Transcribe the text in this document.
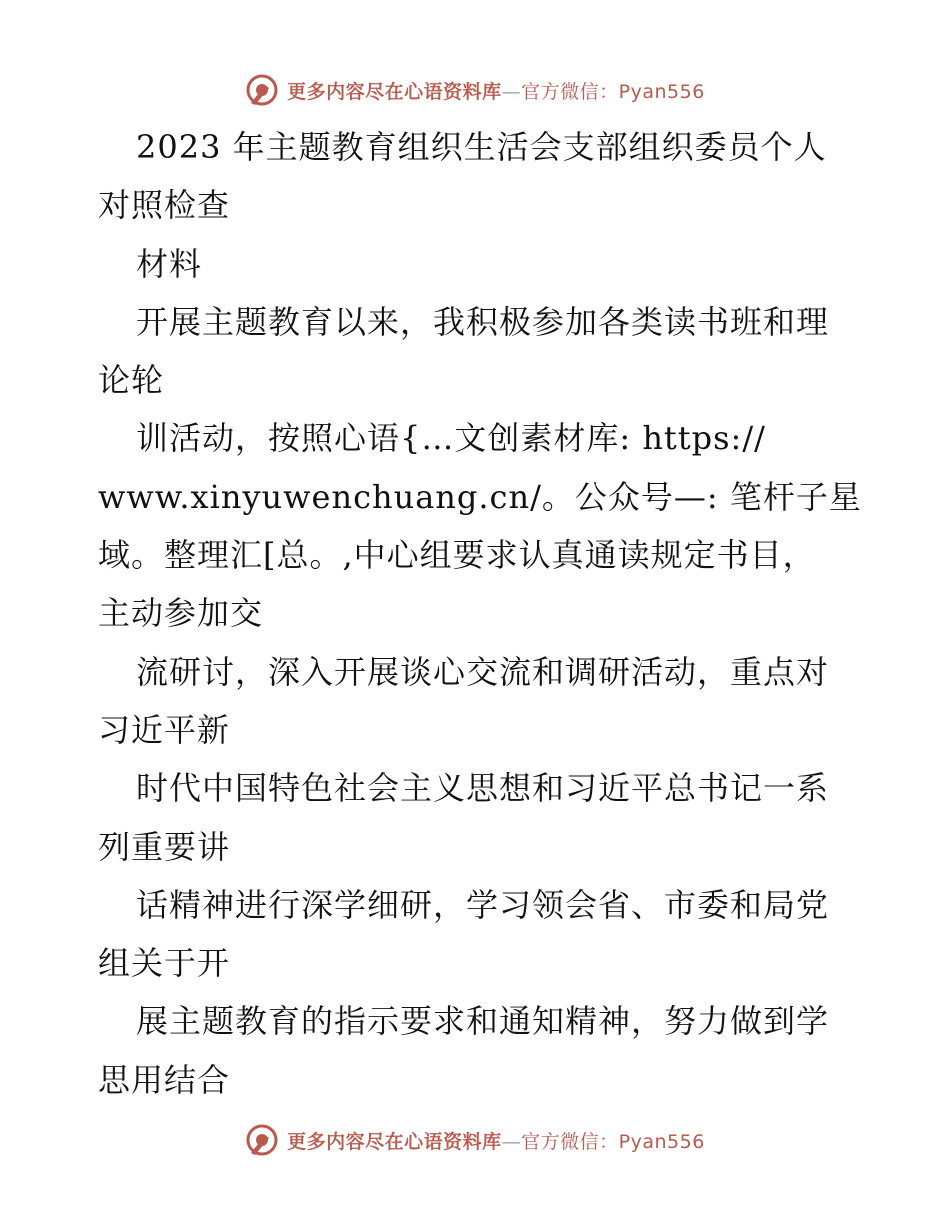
更多内容尽在心语资料库—官方微信：Pyan556

2023 年主题教育组织生活会支部组织委员个人

对照检查

材料

开展主题教育以来，我积极参加各类读书班和理

论轮

训活动，按照心语{…文创素材库: https://

www.xinyuwenchuang.cn/。公众号—: 笔杆子星

域。整理汇[总。,中心组要求认真通读规定书目，

主动参加交

流研讨，深入开展谈心交流和调研活动，重点对

习近平新

时代中国特色社会主义思想和习近平总书记一系

列重要讲

话精神进行深学细研，学习领会省、市委和局党

组关于开

展主题教育的指示要求和通知精神，努力做到学

思用结合

更多内容尽在心语资料库—官方微信：Pyan556
